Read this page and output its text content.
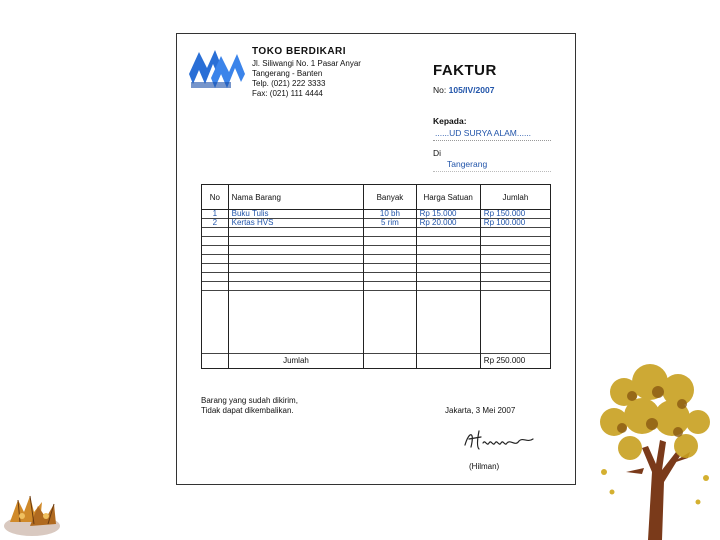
TOKO BERDIKARI
Jl. Siliwangi No. 1 Pasar Anyar
Tangerang - Banten
Telp. (021) 222 3333
Fax: (021) 111 4444
FAKTUR
No: 105/IV/2007
Kepada:
......UD SURYA ALAM......
Di
Tangerang
No	Nama Barang	Banyak	Harga Satuan	Jumlah
1	Buku Tulis	10 bh	Rp 15.000	Rp 150.000
2	Kertas HVS	5 rim	Rp 20.000	Rp 100.000

	Jumlah			Rp 250.000
Barang yang sudah dikirim,
Tidak dapat dikembalikan.	Jakarta, 3 Mei 2007
(Hilman)
